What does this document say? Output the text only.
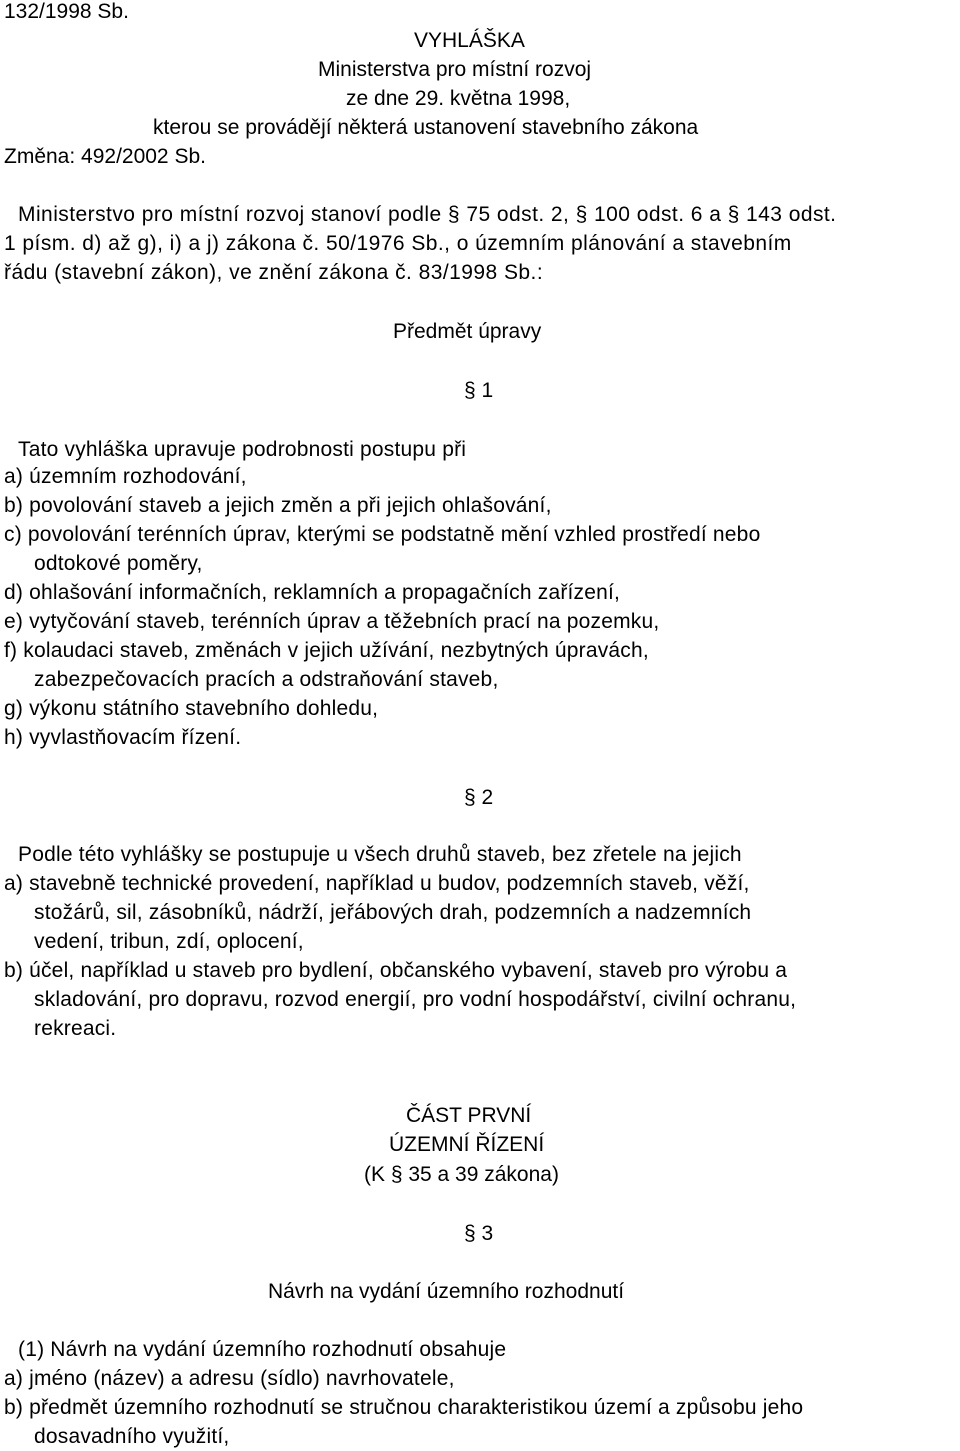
132/1998 Sb.
VYHLÁŠKA
Ministerstva pro místní rozvoj
ze dne 29. května 1998,
kterou se provádějí některá ustanovení stavebního zákona
Změna: 492/2002 Sb.
Ministerstvo pro místní rozvoj stanoví podle § 75 odst. 2, § 100 odst. 6 a § 143 odst.
1 písm. d) až g), i) a j) zákona č. 50/1976 Sb., o územním plánování a stavebním
řádu (stavební zákon), ve znění zákona č. 83/1998 Sb.:
Předmět úpravy
§ 1
Tato vyhláška upravuje podrobnosti postupu při
a) územním rozhodování,
b) povolování staveb a jejich změn a při jejich ohlašování,
c) povolování terénních úprav, kterými se podstatně mění vzhled prostředí nebo
odtokové poměry,
d) ohlašování informačních, reklamních a propagačních zařízení,
e) vytyčování staveb, terénních úprav a těžebních prací na pozemku,
f) kolaudaci staveb, změnách v jejich užívání, nezbytných úpravách,
zabezpečovacích pracích a odstraňování staveb,
g) výkonu státního stavebního dohledu,
h) vyvlastňovacím řízení.
§ 2
Podle této vyhlášky se postupuje u všech druhů staveb, bez zřetele na jejich
a) stavebně technické provedení, například u budov, podzemních staveb, věží,
stožárů, sil, zásobníků, nádrží, jeřábových drah, podzemních a nadzemních
vedení, tribun, zdí, oplocení,
b) účel, například u staveb pro bydlení, občanského vybavení, staveb pro výrobu a
skladování, pro dopravu, rozvod energií, pro vodní hospodářství, civilní ochranu,
rekreaci.
ČÁST PRVNÍ
ÚZEMNÍ ŘÍZENÍ
(K § 35 a 39 zákona)
§ 3
Návrh na vydání územního rozhodnutí
(1) Návrh na vydání územního rozhodnutí obsahuje
a) jméno (název) a adresu (sídlo) navrhovatele,
b) předmět územního rozhodnutí se stručnou charakteristikou území a způsobu jeho
dosavadního využití,
